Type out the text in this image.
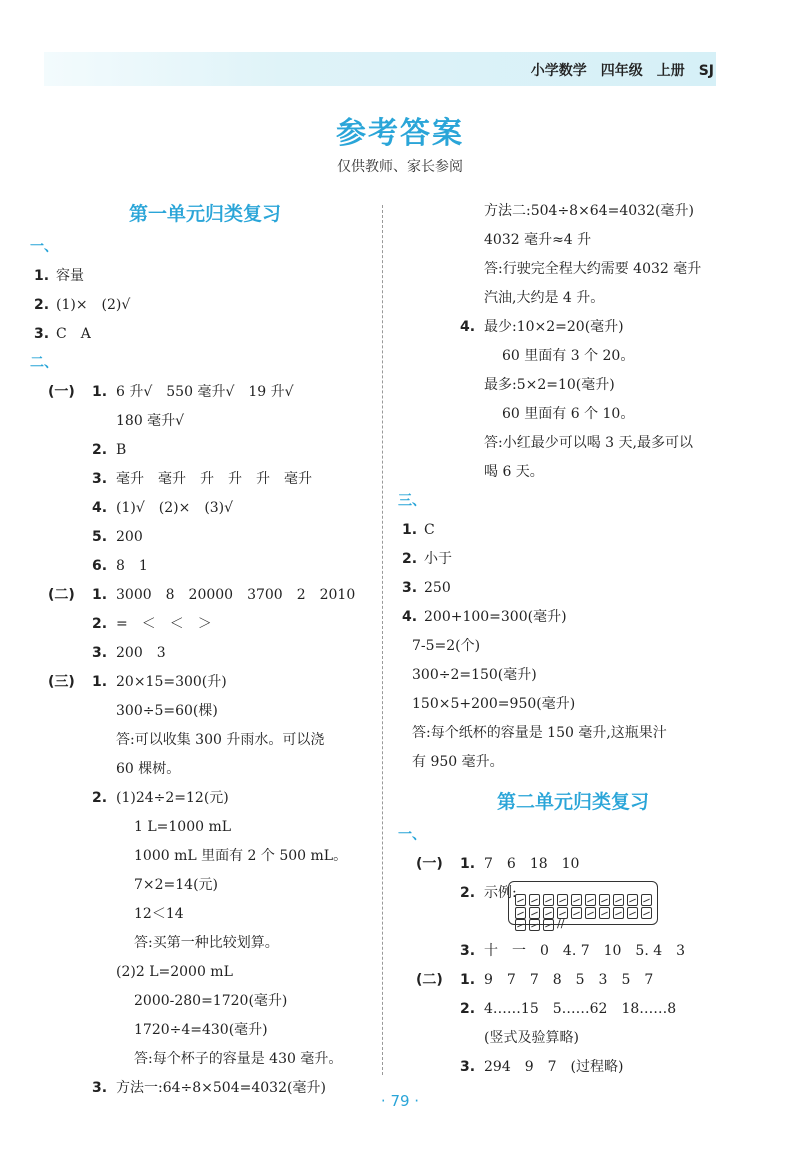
小学数学　四年级　上册　SJ
参考答案
仅供教师、家长参阅
第一单元归类复习
一、
1. 容量
2. (1)×　(2)√
3. C　A
二、
(一) 1. 6 升√　550 毫升√　19 升√
180 毫升√
2. B
3. 毫升　毫升　升　升　升　毫升
4. (1)√　(2)×　(3)√
5. 200
6. 8　1
(二) 1. 3000　8　20000　3700　2　2010
2. =　＜　＜　＞
3. 200　3
(三) 1. 20×15=300(升)
300÷5=60(棵)
答:可以收集 300 升雨水。可以浇
60 棵树。
2. (1)24÷2=12(元)
1 L=1000 mL
1000 mL 里面有 2 个 500 mL。
7×2=14(元)
12＜14
答:买第一种比较划算。
(2)2 L=2000 mL
2000-280=1720(毫升)
1720÷4=430(毫升)
答:每个杯子的容量是 430 毫升。
3. 方法一:64÷8×504=4032(毫升)
方法二:504÷8×64=4032(毫升)
4032 毫升≈4 升
答:行驶完全程大约需要 4032 毫升
汽油,大约是 4 升。
4. 最少:10×2=20(毫升)
60 里面有 3 个 20。
最多:5×2=10(毫升)
60 里面有 6 个 10。
答:小红最少可以喝 3 天,最多可以
喝 6 天。
三、
1. C
2. 小于
3. 250
4. 200+100=300(毫升)
7-5=2(个)
300÷2=150(毫升)
150×5+200=950(毫升)
答:每个纸杯的容量是 150 毫升,这瓶果汁
有 950 毫升。
第二单元归类复习
一、
(一) 1. 7　6　18　10
2. 示例:
//
3. 十　一　0　4. 7　10　5. 4　3
(二) 1. 9　7　7　8　5　3　5　7
2. 4……15　5……62　18……8
(竖式及验算略)
3. 294　9　7　(过程略)
· 79 ·
